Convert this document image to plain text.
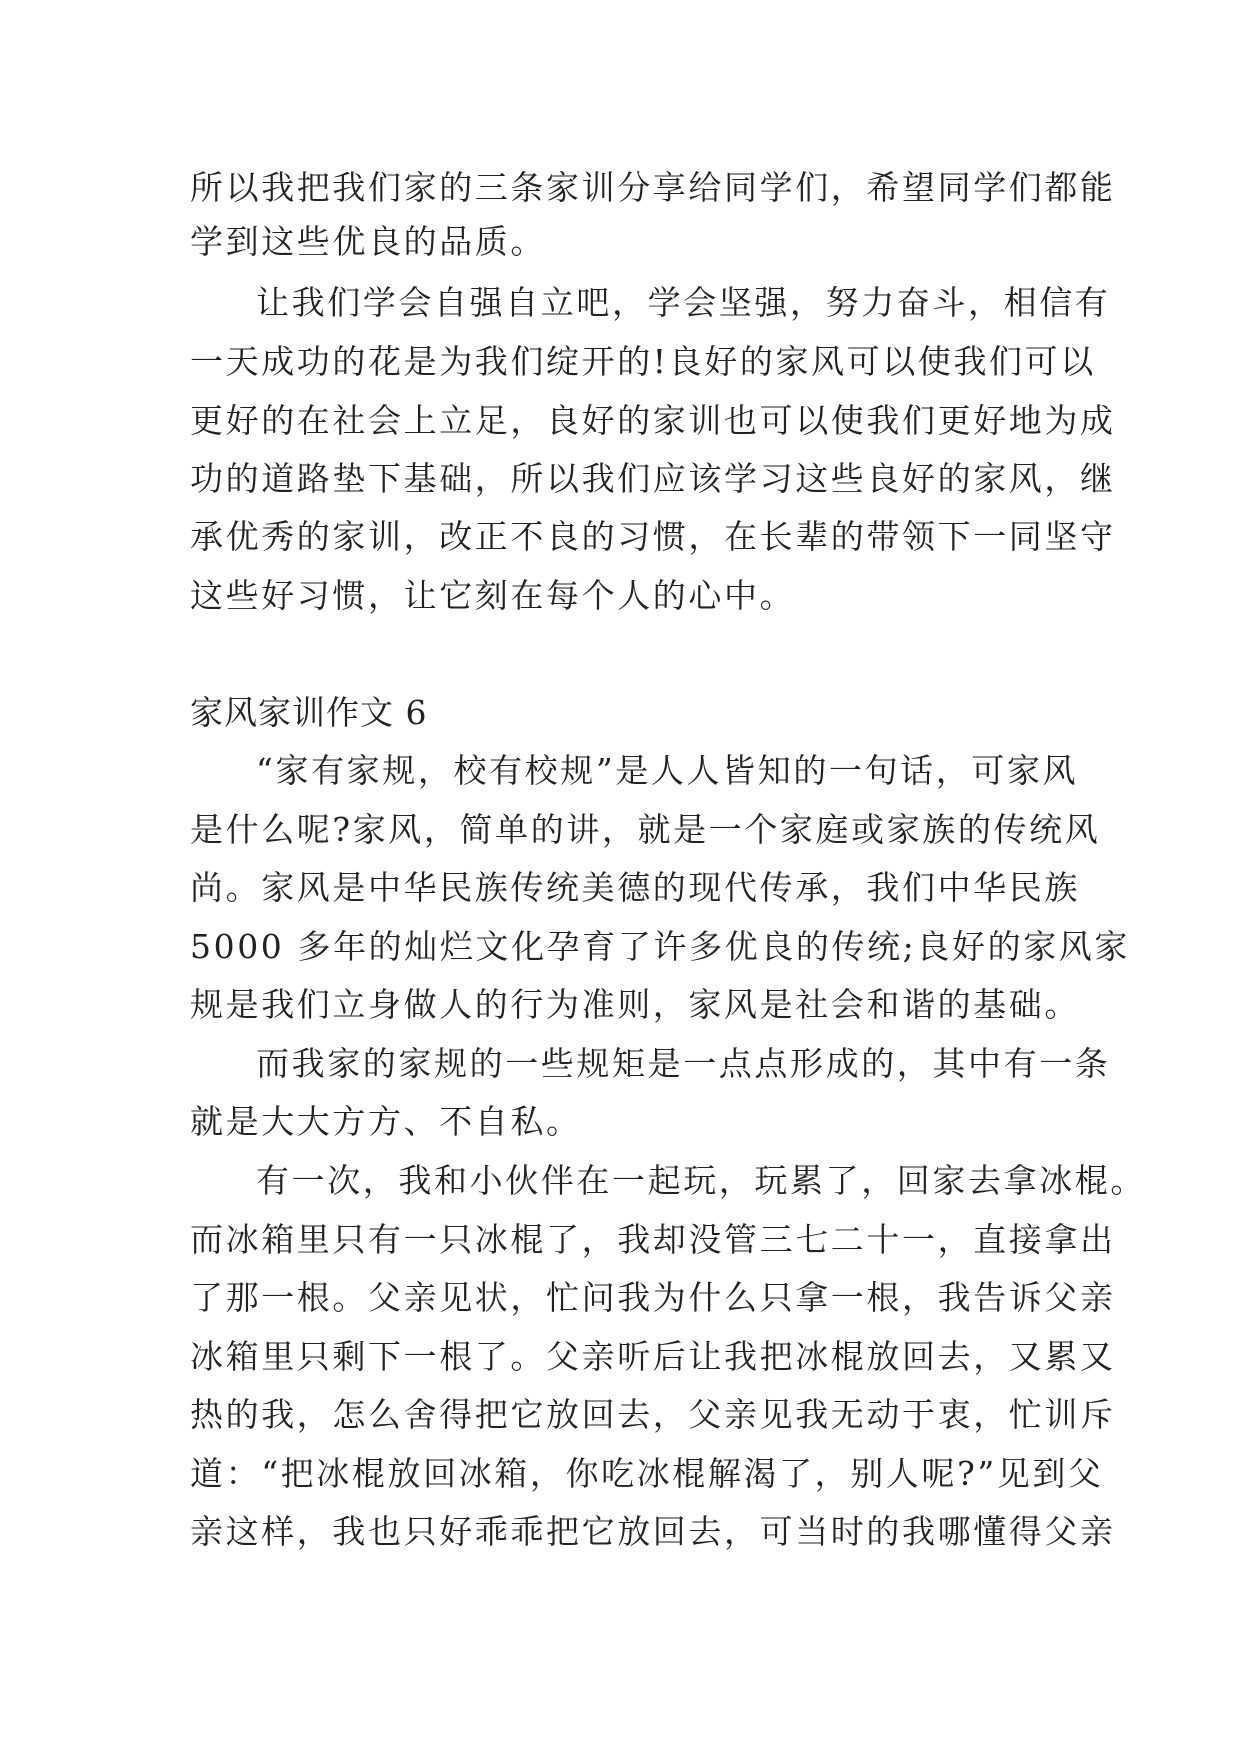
所以我把我们家的三条家训分享给同学们，希望同学们都能
学到这些优良的品质。
让我们学会自强自立吧，学会坚强，努力奋斗，相信有
一天成功的花是为我们绽开的!良好的家风可以使我们可以
更好的在社会上立足，良好的家训也可以使我们更好地为成
功的道路垫下基础，所以我们应该学习这些良好的家风，继
承优秀的家训，改正不良的习惯，在长辈的带领下一同坚守
这些好习惯，让它刻在每个人的心中。
家风家训作文 6
“家有家规，校有校规”是人人皆知的一句话，可家风
是什么呢?家风，简单的讲，就是一个家庭或家族的传统风
尚。家风是中华民族传统美德的现代传承，我们中华民族
5000 多年的灿烂文化孕育了许多优良的传统;良好的家风家
规是我们立身做人的行为准则，家风是社会和谐的基础。
而我家的家规的一些规矩是一点点形成的，其中有一条
就是大大方方、不自私。
有一次，我和小伙伴在一起玩，玩累了，回家去拿冰棍。
而冰箱里只有一只冰棍了，我却没管三七二十一，直接拿出
了那一根。父亲见状，忙问我为什么只拿一根，我告诉父亲
冰箱里只剩下一根了。父亲听后让我把冰棍放回去，又累又
热的我，怎么舍得把它放回去，父亲见我无动于衷，忙训斥
道：“把冰棍放回冰箱，你吃冰棍解渴了，别人呢?”见到父
亲这样，我也只好乖乖把它放回去，可当时的我哪懂得父亲
